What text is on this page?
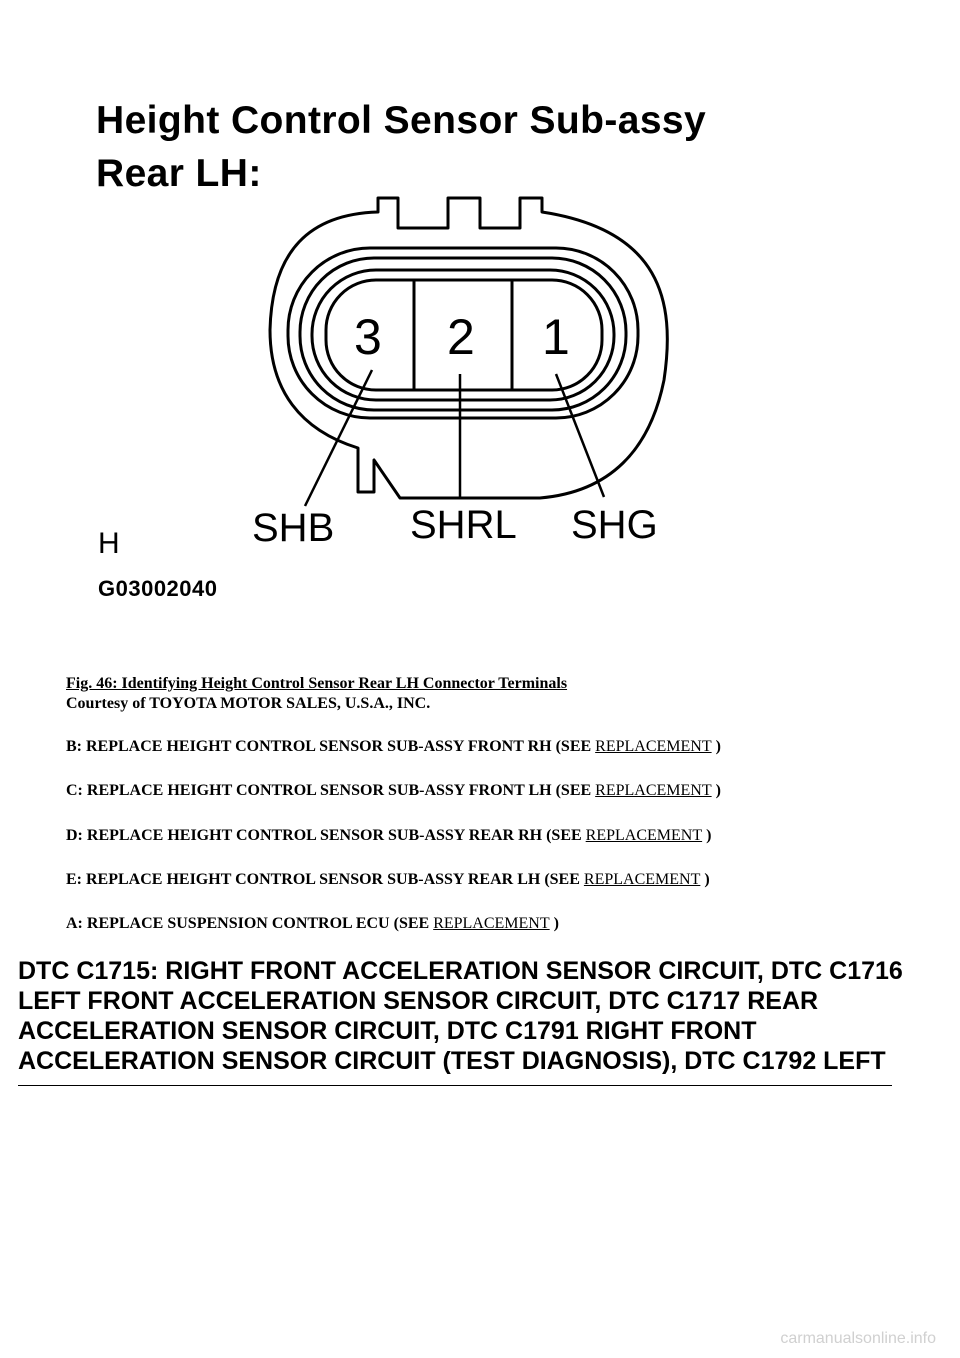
Height Control Sensor Sub-assy
Rear LH:
3 2 1
SHB SHRL SHG
H
G03002040
Fig. 46: Identifying Height Control Sensor Rear LH Connector Terminals
Courtesy of TOYOTA MOTOR SALES, U.S.A., INC.
B: REPLACE HEIGHT CONTROL SENSOR SUB-ASSY FRONT RH (SEE REPLACEMENT )
C: REPLACE HEIGHT CONTROL SENSOR SUB-ASSY FRONT LH (SEE REPLACEMENT )
D: REPLACE HEIGHT CONTROL SENSOR SUB-ASSY REAR RH (SEE REPLACEMENT )
E: REPLACE HEIGHT CONTROL SENSOR SUB-ASSY REAR LH (SEE REPLACEMENT )
A: REPLACE SUSPENSION CONTROL ECU (SEE REPLACEMENT )
DTC C1715: RIGHT FRONT ACCELERATION SENSOR CIRCUIT, DTC C1716
LEFT FRONT ACCELERATION SENSOR CIRCUIT, DTC C1717 REAR
ACCELERATION SENSOR CIRCUIT, DTC C1791 RIGHT FRONT
ACCELERATION SENSOR CIRCUIT (TEST DIAGNOSIS), DTC C1792 LEFT
carmanualsonline.info
